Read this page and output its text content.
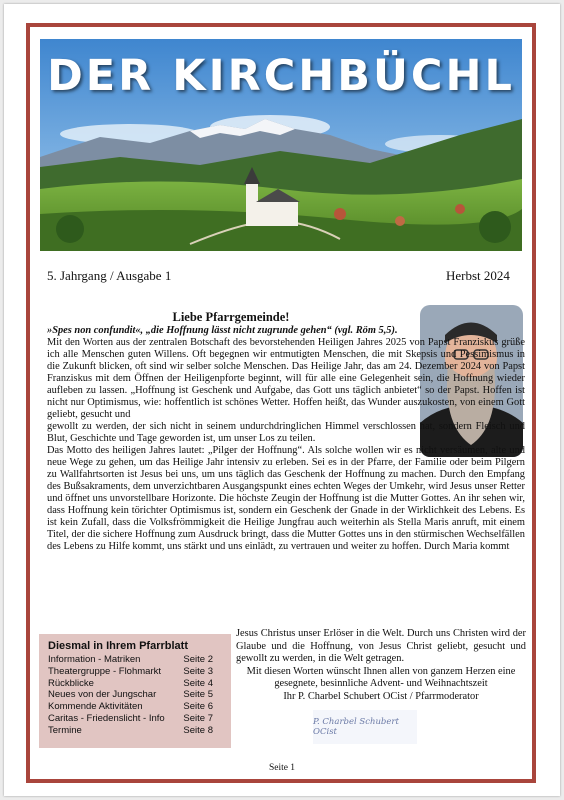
DER KIRCHBÜCHL
5. Jahrgang / Ausgabe 1	Herbst 2024
Liebe Pfarrgemeinde!

»Spes non confundit«, „die Hoffnung lässt nicht zugrunde gehen“ (vgl. Röm 5,5).

Mit den Worten aus der zentralen Botschaft des bevorstehenden Heiligen Jahres 2025 von Papst Franziskus grüße ich alle Menschen guten Willens. Oft begegnen wir entmutigten Menschen, die mit Skepsis und Pessimismus in die Zukunft blicken, oft sind wir selber solche Menschen. Das Heilige Jahr, das am 24. Dezember 2024 von Papst Franziskus mit dem Öffnen der Heiligenpforte beginnt, will für alle eine Gelegenheit sein, die Hoffnung wieder aufleben zu lassen. „Hoffnung ist Geschenk und Aufgabe, das Gott uns täglich anbietet“ so der Papst. Hoffen ist nicht nur Optimismus, wie: hoffentlich ist schönes Wetter. Hoffen heißt, das Wunder auszukosten, von einem Gott geliebt, gesucht und

gewollt zu werden, der sich nicht in seinem undurchdringlichen Himmel verschlossen hat, sondern Fleisch und Blut, Geschichte und Tage geworden ist, um unser Los zu teilen.

Das Motto des heiligen Jahres lautet: „Pilger der Hoffnung“. Als solche wollen wir es nicht versäumen, alte und neue Wege zu gehen, um das Heilige Jahr intensiv zu erleben. Sei es in der Pfarre, der Familie oder beim Pilgern zu Wallfahrtsorten ist Jesus bei uns, um uns täglich das Geschenk der Hoffnung zu machen. Durch den Empfang des Bußsakraments, dem unverzichtbaren Ausgangspunkt eines echten Weges der Umkehr, wird Jesus unser Retter und öffnet uns unvorstellbare Horizonte. Die höchste Zeugin der Hoffnung ist die Mutter Gottes. An ihr sehen wir, dass Hoffnung kein törichter Optimismus ist, sondern ein Geschenk der Gnade in der Wirklichkeit des Lebens. Es ist kein Zufall, dass die Volksfrömmigkeit die Heilige Jungfrau auch weiterhin als Stella Maris anruft, mit einem Titel, der die sichere Hoffnung zum Ausdruck bringt, dass die Mutter Gottes uns in den stürmischen Wechselfällen des Lebens zu Hilfe kommt, uns stärkt und uns einlädt, zu vertrauen und weiter zu hoffen. Durch Maria kommt

Jesus Christus unser Erlöser in die Welt. Durch uns Christen wird der Glaube und die Hoffnung, von Jesus Christ geliebt, gesucht und gewollt zu werden, in die Welt getragen.
Mit diesen Worten wünscht Ihnen allen von ganzem Herzen eine gesegnete, besinnliche Advent- und Weihnachtszeit
Ihr P. Charbel Schubert OCist / Pfarrmoderator
P. Charbel Schubert OCist
Diesmal in Ihrem Pfarrblatt
Information - Matriken	Seite 2
Theatergruppe - Flohmarkt Seite 3
Rückblicke	Seite 4
Neues von der Jungschar	Seite 5
Kommende Aktivitäten	Seite 6
Caritas - Friedenslicht - Info Seite 7
Termine	Seite 8
Seite 1
